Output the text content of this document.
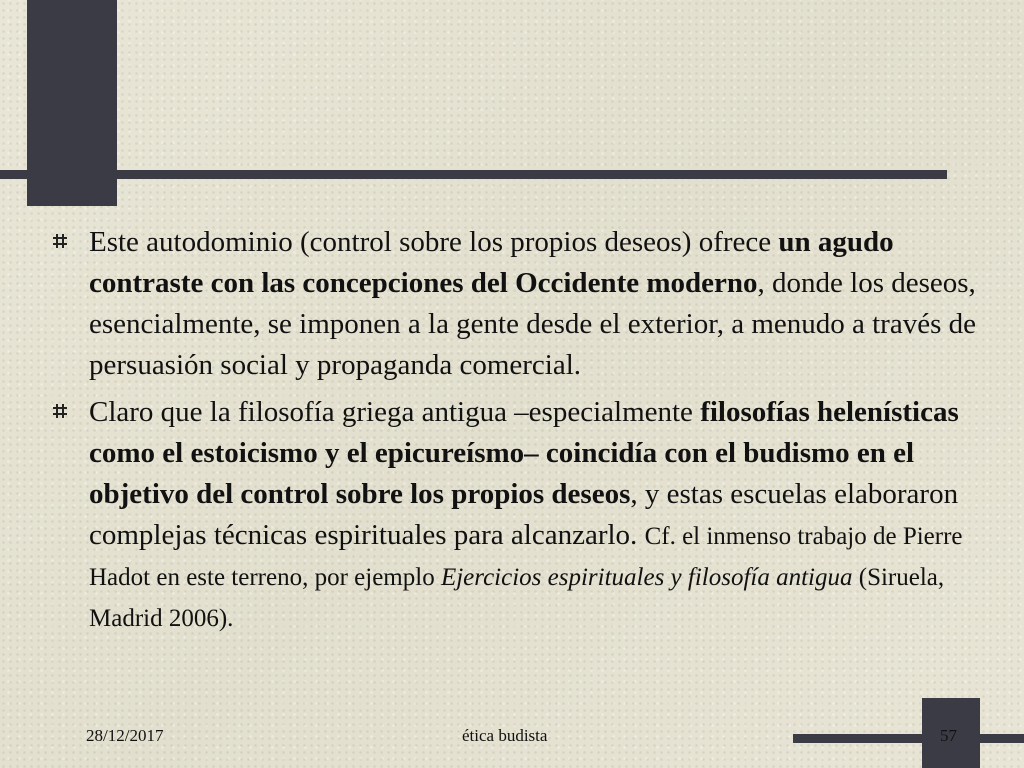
Este autodominio (control sobre los propios deseos) ofrece un agudo contraste con las concepciones del Occidente moderno, donde los deseos, esencialmente, se imponen a la gente desde el exterior, a menudo a través de persuasión social y propaganda comercial.
Claro que la filosofía griega antigua –especialmente filosofías helenísticas como el estoicismo y el epicureísmo– coincidía con el budismo en el objetivo del control sobre los propios deseos, y estas escuelas elaboraron complejas técnicas espirituales para alcanzarlo. Cf. el inmenso trabajo de Pierre Hadot en este terreno, por ejemplo Ejercicios espirituales y filosofía antigua (Siruela, Madrid 2006).
28/12/2017	ética budista	57
